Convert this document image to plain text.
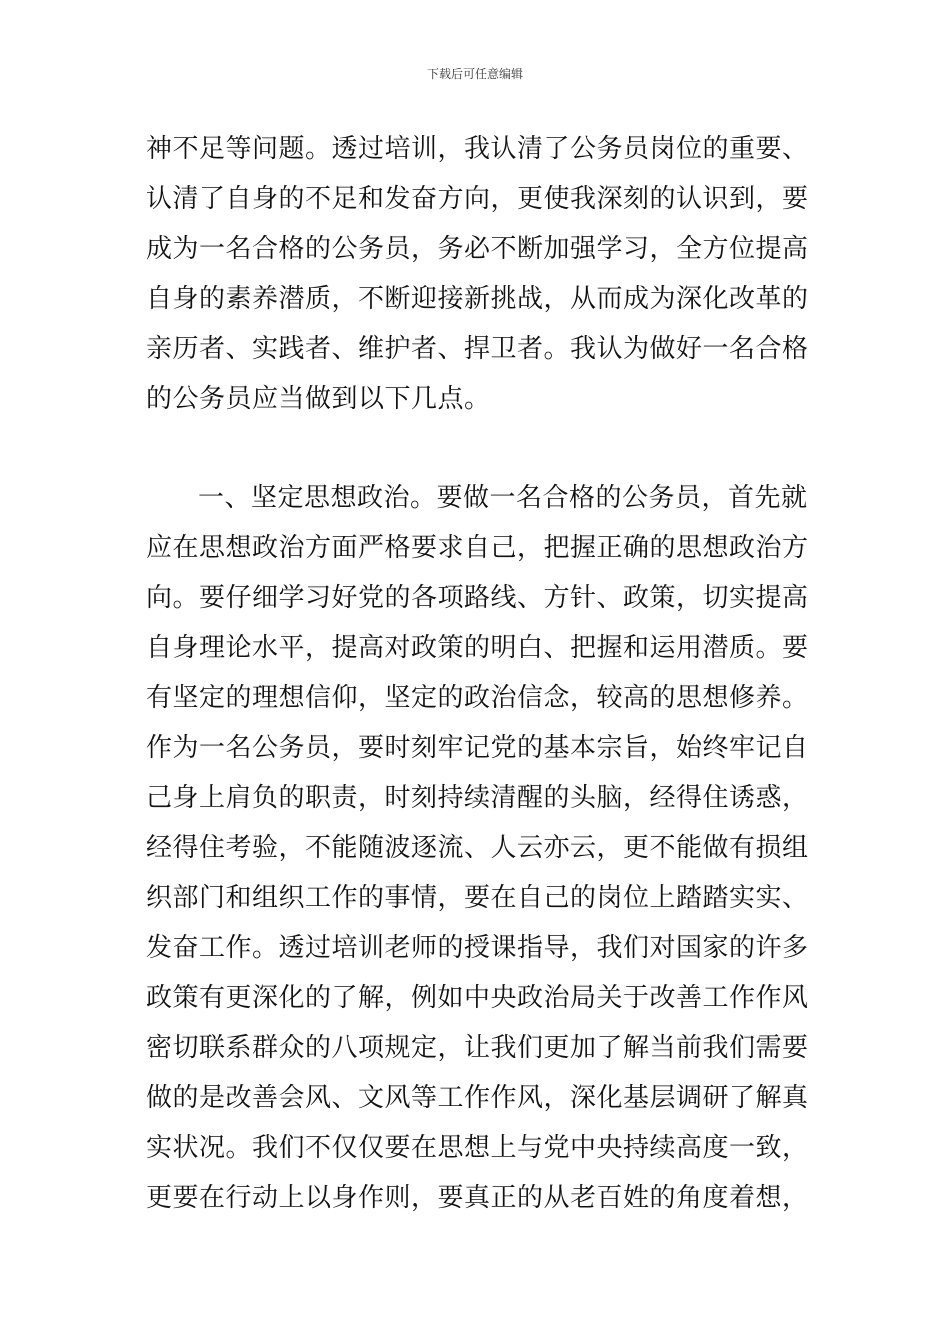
下载后可任意编辑
神不足等问题。透过培训，我认清了公务员岗位的重要、
认清了自身的不足和发奋方向，更使我深刻的认识到，要
成为一名合格的公务员，务必不断加强学习，全方位提高
自身的素养潜质，不断迎接新挑战，从而成为深化改革的
亲历者、实践者、维护者、捍卫者。我认为做好一名合格
的公务员应当做到以下几点。
一、坚定思想政治。要做一名合格的公务员，首先就
应在思想政治方面严格要求自己，把握正确的思想政治方
向。要仔细学习好党的各项路线、方针、政策，切实提高
自身理论水平，提高对政策的明白、把握和运用潜质。要
有坚定的理想信仰，坚定的政治信念，较高的思想修养。
作为一名公务员，要时刻牢记党的基本宗旨，始终牢记自
己身上肩负的职责，时刻持续清醒的头脑，经得住诱惑，
经得住考验，不能随波逐流、人云亦云，更不能做有损组
织部门和组织工作的事情，要在自己的岗位上踏踏实实、
发奋工作。透过培训老师的授课指导，我们对国家的许多
政策有更深化的了解，例如中央政治局关于改善工作作风
密切联系群众的八项规定，让我们更加了解当前我们需要
做的是改善会风、文风等工作作风，深化基层调研了解真
实状况。我们不仅仅要在思想上与党中央持续高度一致，
更要在行动上以身作则，要真正的从老百姓的角度着想，
